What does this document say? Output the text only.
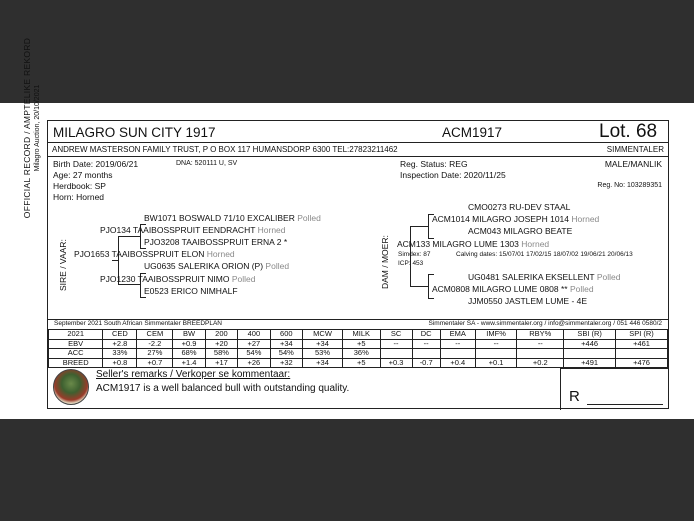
OFFICIAL RECORD / AMPTELIKE REKORD Milagro Auction, 20/10/2021 MILAGRO SUN CITY 1917	ACM1917	Lot. 68
ANDREW MASTERSON FAMILY TRUST, P O BOX 117 HUMANSDORP 6300 TEL:27823211462	SIMMENTALER
Birth Date: 2019/06/21	DNA: 520111 U, SV
Age: 27 months
Herdbook: SP
Horn: Horned
Reg. Status: REG
Inspection Date: 2020/11/25
MALE/MANLIK
Reg. No: 103289351
SIRE / VAAR:
BW1071 BOSWALD 71/10 EXCALIBER Polled
PJO134 TAAIBOSSPRUIT EENDRACHT Horned
PJO3208 TAAIBOSSPRUIT ERNA 2 *
PJO1653 TAAIBOSSPRUIT ELON Horned
UG0635 SALERIKA ORION (P) Polled
PJO1230 TAAIBOSSPRUIT NIMO Polled
E0523 ERICO NIMHALF
DAM / MOER:
CMO0273 RU-DEV STAAL
ACM1014 MILAGRO JOSEPH 1014 Horned
ACM043 MILAGRO BEATE
ACM133 MILAGRO LUME 1303 Horned
Simdex: 87	Calving dates: 15/07/01 17/02/15 18/07/02 19/06/21 20/06/13
ICP: 453
UG0481 SALERIKA EKSELLENT Polled
ACM0808 MILAGRO LUME 0808 ** Polled
JJM0550 JASTLEM LUME - 4E
September 2021 South African Simmentaler BREEDPLAN	Simmentaler SA - www.simmentaler.org / info@simmentaler.org / 051 446 0580/2
2021	CED	CEM	BW	200	400	600	MCW	MILK	SC	DC	EMA	IMF%	RBY%	SBI (R)	SPI (R)
EBV	+2.8	-2.2	+0.9	+20	+27	+34	+34	+5	--	--	--	--	--	+446	+461
ACC	33%	27%	68%	58%	54%	54%	53%	36%							
BREED	+0.8	+0.7	+1.4	+17	+26	+32	+34	+5	+0.3	-0.7	+0.4	+0.1	+0.2	+491	+476
Seller's remarks / Verkoper se kommentaar:
ACM1917 is a well balanced bull with outstanding quality.	R
